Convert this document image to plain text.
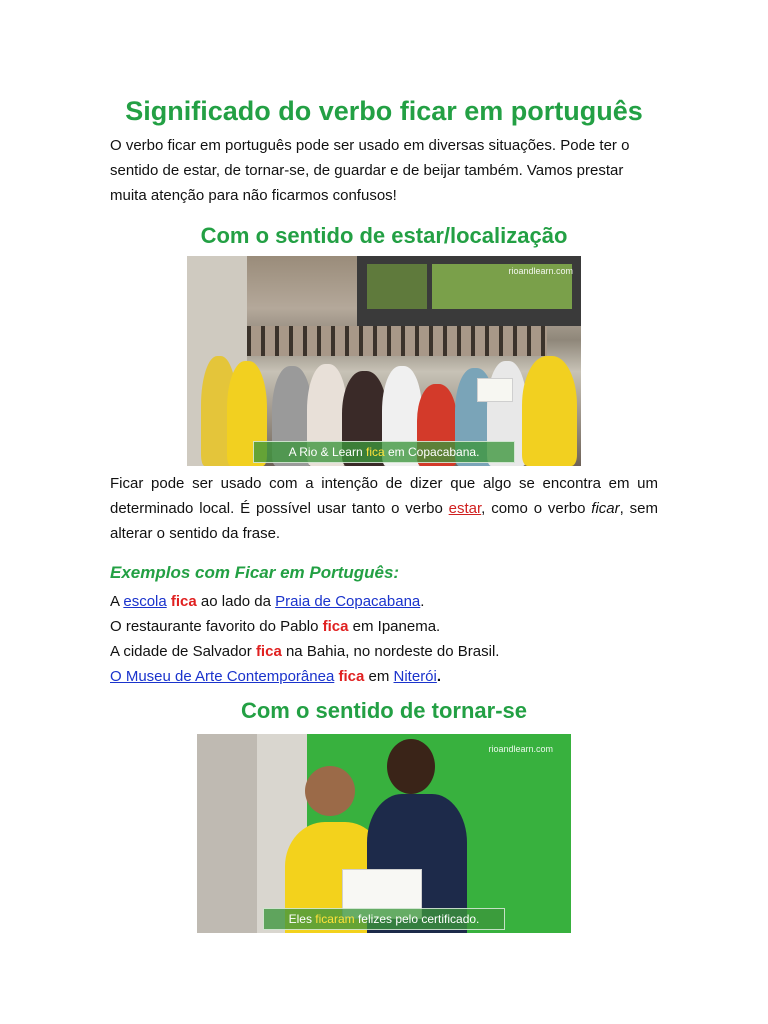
Significado do verbo ficar em português

O verbo ficar em português pode ser usado em diversas situações. Pode ter o sentido de estar, de tornar-se, de guardar e de beijar também. Vamos prestar muita atenção para não ficarmos confusos!

Com o sentido de estar/localização
rioandlearn.com
A Rio & Learn fica em Copacabana.

Ficar pode ser usado com a intenção de dizer que algo se encontra em um determinado local. É possível usar tanto o verbo estar, como o verbo ficar, sem alterar o sentido da frase.

Exemplos com Ficar em Português:
A escola fica ao lado da Praia de Copacabana.
O restaurante favorito do Pablo fica em Ipanema.
A cidade de Salvador fica na Bahia, no nordeste do Brasil.
O Museu de Arte Contemporânea fica em Niterói.
Com o sentido de tornar-se
rioandlearn.com
Eles ficaram felizes pelo certificado.
